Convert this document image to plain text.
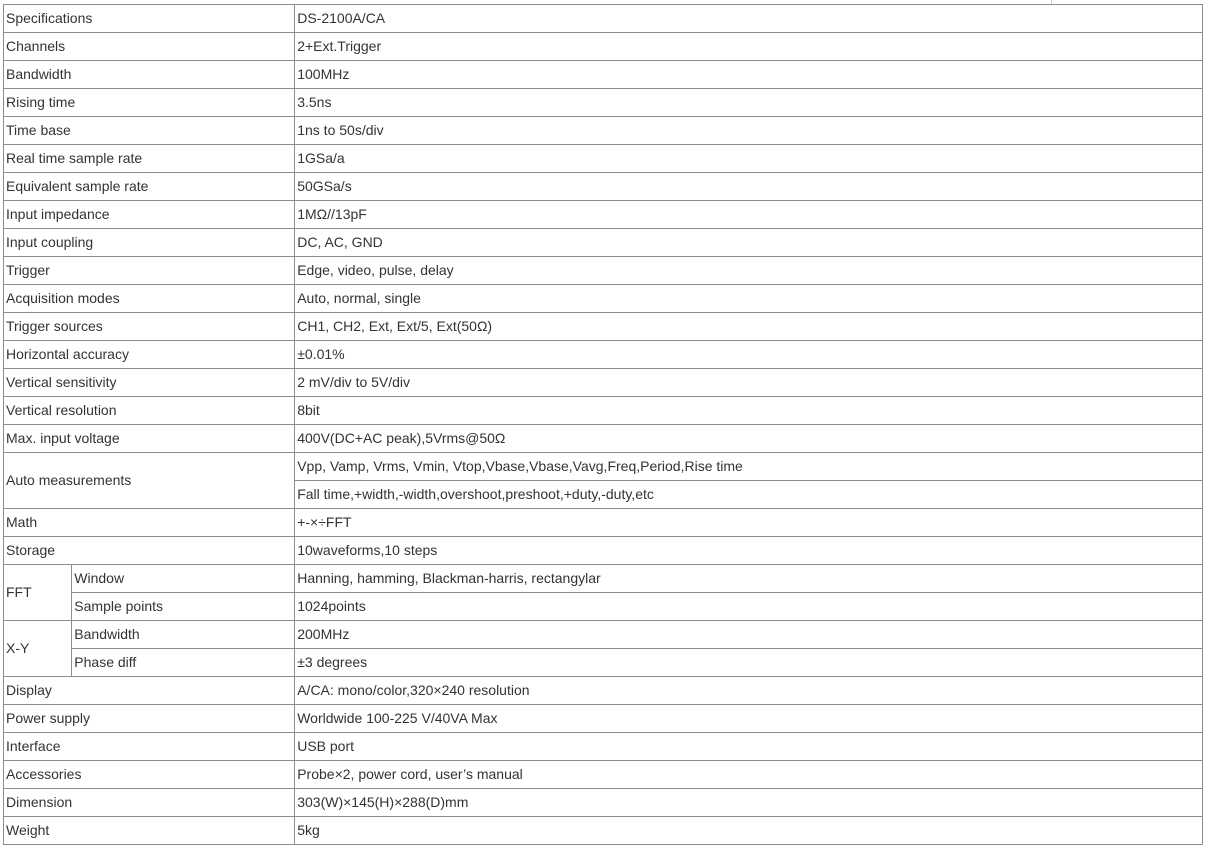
Specifications		DS-2100A/CA
Channels		2+Ext.Trigger
Bandwidth		100MHz
Rising time		3.5ns
Time base		1ns to 50s/div
Real time sample rate		1GSa/a
Equivalent sample rate		50GSa/s
Input impedance		1MΩ//13pF
Input coupling		DC, AC, GND
Trigger		Edge, video, pulse, delay
Acquisition modes		Auto, normal, single
Trigger sources		CH1, CH2, Ext, Ext/5, Ext(50Ω)
Horizontal accuracy		±0.01%
Vertical sensitivity		2 mV/div to 5V/div
Vertical resolution		8bit
Max. input voltage		400V(DC+AC peak),5Vrms@50Ω
Auto measurements		Vpp, Vamp, Vrms, Vmin, Vtop,Vbase,Vbase,Vavg,Freq,Period,Rise time
		Fall time,+width,-width,overshoot,preshoot,+duty,-duty,etc
Math		+-×÷FFT
Storage		10waveforms,10 steps
FFT	Window	Hanning, hamming, Blackman-harris, rectangylar
	Sample points	1024points
X-Y	Bandwidth	200MHz
	Phase diff	±3 degrees
Display		A/CA: mono/color,320×240 resolution
Power supply		Worldwide 100-225 V/40VA Max
Interface		USB port
Accessories		Probe×2, power cord, user’s manual
Dimension		303(W)×145(H)×288(D)mm
Weight		5kg
